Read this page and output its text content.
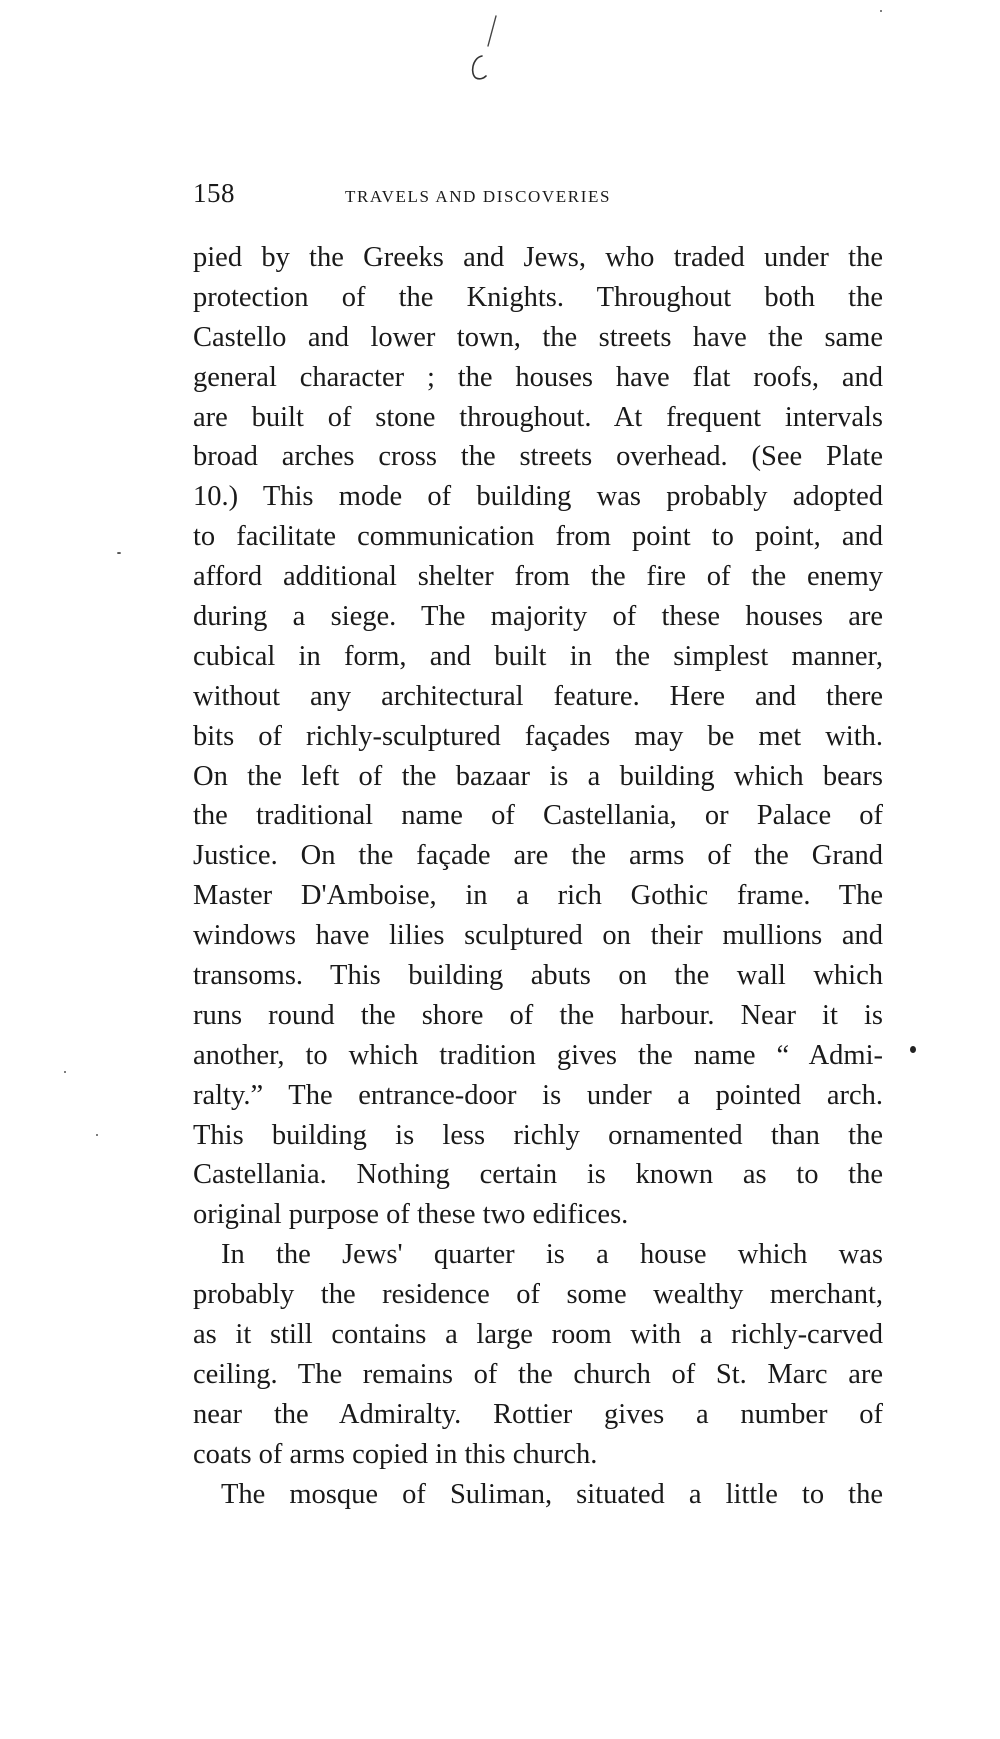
158	TRAVELS AND DISCOVERIES
pied by the Greeks and Jews, who traded under the
protection of the Knights. Throughout both the
Castello and lower town, the streets have the same
general character ; the houses have flat roofs, and
are built of stone throughout. At frequent intervals
broad arches cross the streets overhead. (See Plate
10.) This mode of building was probably adopted
to facilitate communication from point to point, and
afford additional shelter from the fire of the enemy
during a siege. The majority of these houses are
cubical in form, and built in the simplest manner,
without any architectural feature. Here and there
bits of richly-sculptured façades may be met with.
On the left of the bazaar is a building which bears
the traditional name of Castellania, or Palace of
Justice. On the façade are the arms of the Grand
Master D'Amboise, in a rich Gothic frame. The
windows have lilies sculptured on their mullions and
transoms. This building abuts on the wall which
runs round the shore of the harbour. Near it is
another, to which tradition gives the name “ Admi-
ralty.” The entrance-door is under a pointed arch.
This building is less richly ornamented than the
Castellania. Nothing certain is known as to the
original purpose of these two edifices.
In the Jews' quarter is a house which was
probably the residence of some wealthy merchant,
as it still contains a large room with a richly-carved
ceiling. The remains of the church of St. Marc are
near the Admiralty. Rottier gives a number of
coats of arms copied in this church.
The mosque of Suliman, situated a little to the
